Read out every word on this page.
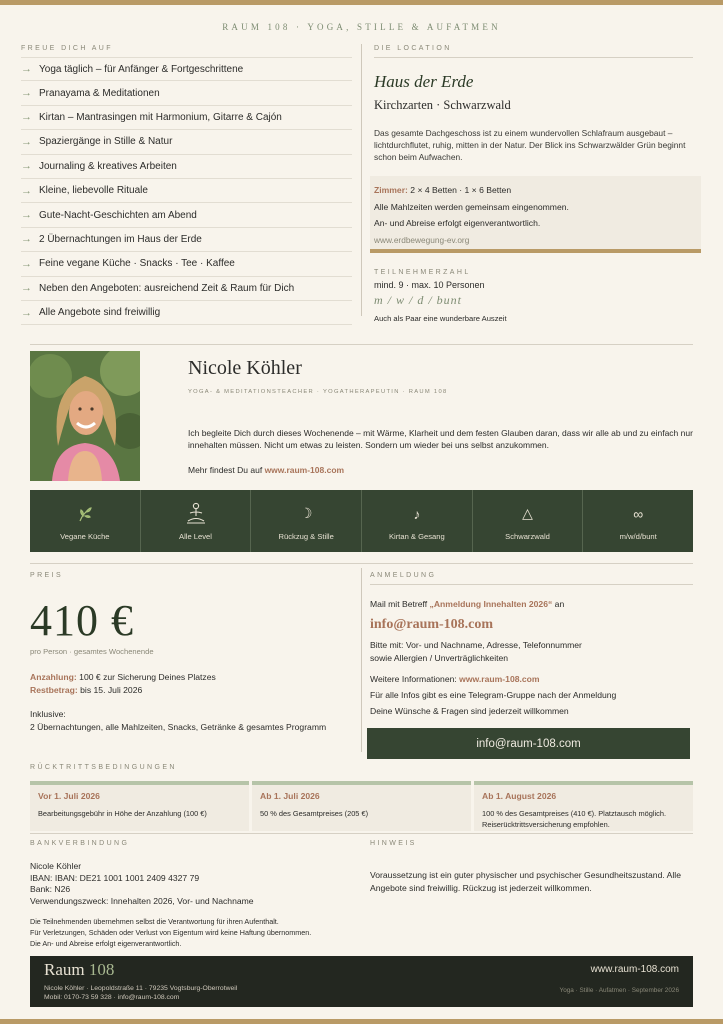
RAUM 108 · YOGA, STILLE & AUFATMEN
FREUE DICH AUF
→ Yoga täglich – für Anfänger & Fortgeschrittene
→ Pranayama & Meditationen
→ Kirtan – Mantrasingen mit Harmonium, Gitarre & Cajón
→ Spaziergänge in Stille & Natur
→ Journaling & kreatives Arbeiten
→ Kleine, liebevolle Rituale
→ Gute-Nacht-Geschichten am Abend
→ 2 Übernachtungen im Haus der Erde
→ Feine vegane Küche · Snacks · Tee · Kaffee
→ Neben den Angeboten: ausreichend Zeit & Raum für Dich
→ Alle Angebote sind freiwillig
DIE LOCATION
Haus der Erde
Kirchzarten · Schwarzwald
Das gesamte Dachgeschoss ist zu einem wundervollen Schlafraum ausgebaut – lichtdurchflutet, ruhig, mitten in der Natur. Der Blick ins Schwarzwälder Grün beginnt schon beim Aufwachen.
Zimmer: 2 × 4 Betten · 1 × 6 Betten
Alle Mahlzeiten werden gemeinsam eingenommen.
An- und Abreise erfolgt eigenverantwortlich.
www.erdbewegung-ev.org
TEILNEHMERZAHL
mind. 9 · max. 10 Personen
m / w / d / bunt
Auch als Paar eine wunderbare Auszeit
Nicole Köhler
YOGA- & MEDITATIONSTEACHER · YOGATHERAPEUTIN · RAUM 108
Ich begleite Dich durch dieses Wochenende – mit Wärme, Klarheit und dem festen Glauben daran, dass wir alle ab und zu einfach nur innehalten müssen. Nicht um etwas zu leisten. Sondern um wieder bei uns selbst anzukommen.
Mehr findest Du auf www.raum-108.com
Vegane Küche	Alle Level
☽
Rückzug & Stille
♪
Kirtan & Gesang
△
Schwarzwald
∞
m/w/d/bunt
PREIS
410 €
pro Person · gesamtes Wochenende
Anzahlung: 100 € zur Sicherung Deines Platzes
Restbetrag: bis 15. Juli 2026
Inklusive:
2 Übernachtungen, alle Mahlzeiten, Snacks, Getränke & gesamtes Programm
ANMELDUNG
Mail mit Betreff „Anmeldung Innehalten 2026“ an
info@raum-108.com
Bitte mit: Vor- und Nachname, Adresse, Telefonnummer
sowie Allergien / Unverträglichkeiten
Weitere Informationen: www.raum-108.com
Für alle Infos gibt es eine Telegram-Gruppe nach der Anmeldung
Deine Wünsche & Fragen sind jederzeit willkommen
info@raum-108.com
RÜCKTRITTSBEDINGUNGEN
Vor 1. Juli 2026
Bearbeitungsgebühr in Höhe der Anzahlung (100 €)
Ab 1. Juli 2026
50 % des Gesamtpreises (205 €)
Ab 1. August 2026
100 % des Gesamtpreises (410 €). Platztausch möglich. Reiserücktrittsversicherung empfohlen.
BANKVERBINDUNG
Nicole Köhler
IBAN: IBAN: DE21 1001 1001 2409 4327 79
Bank: N26
Verwendungszweck: Innehalten 2026, Vor- und Nachname
Die Teilnehmenden übernehmen selbst die Verantwortung für ihren Aufenthalt.
Für Verletzungen, Schäden oder Verlust von Eigentum wird keine Haftung übernommen.
Die An- und Abreise erfolgt eigenverantwortlich.
HINWEIS
Voraussetzung ist ein guter physischer und psychischer Gesundheitszustand. Alle Angebote sind freiwillig. Rückzug ist jederzeit willkommen.
Raum 108
Nicole Köhler · Leopoldstraße 11 · 79235 Vogtsburg-Oberrotweil
Mobil: 0170-73 59 328 · info@raum-108.com
www.raum-108.com
Yoga · Stille · Aufatmen · September 2026
